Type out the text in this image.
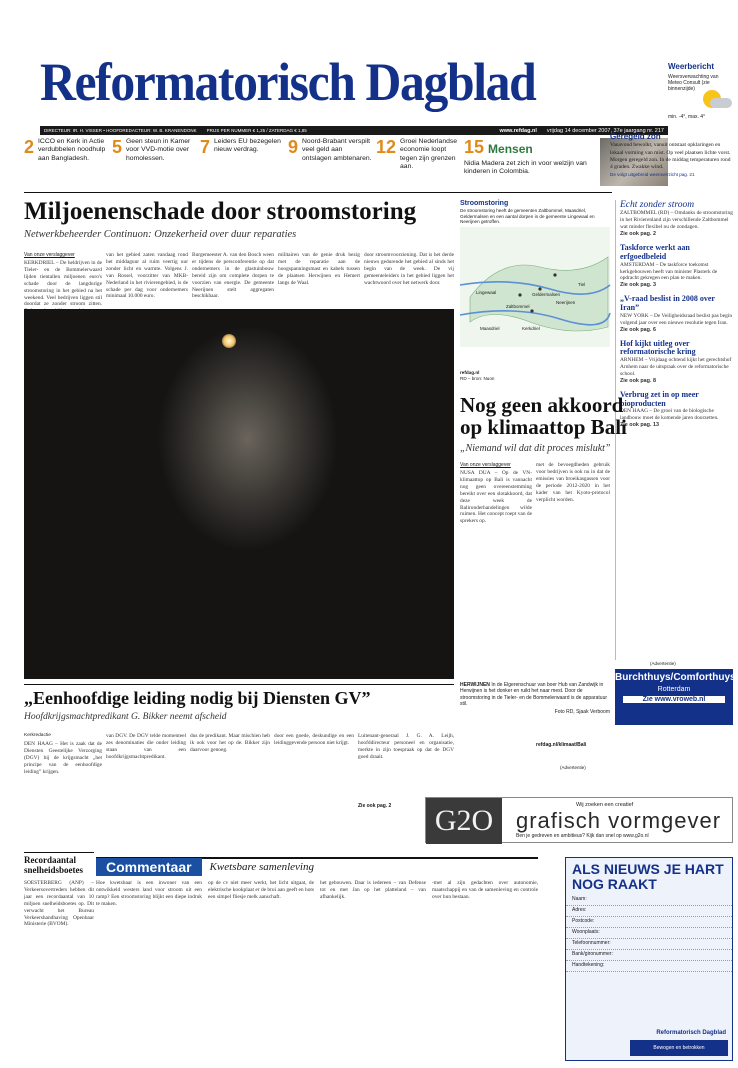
Reformatorisch Dagblad	Weerbericht
Weersverwachting van Meteo Consult (zie binnenzijde)
min. -4°, max. 4°
DIRECTEUR: IR. H. VISSER • HOOFDREDACTEUR: W. B. KRANENDONK PRIJS PER NUMMER € 1,25 / ZATERDAG € 1,85	www.refdag.nl vrijdag 14 december 2007, 37e jaargang nr. 217
2 ICCO en Kerk in Actie verdubbelen noodhulp aan Bangladesh.
5 Geen steun in Kamer voor VVD-motie over homolessen.
7 Leiders EU bezegelen nieuw verdrag.	9 Noord-Brabant verspilt veel geld aan ontslagen ambtenaren.
12 Groei Nederlandse economie loopt tegen zijn grenzen aan.
15 Mensen
Nidia Madera zet zich in voor welzijn van kinderen in Colombia.
Geregeld zon
Vanavond bewolkt, vanuit ontstaat opklaringen en lokaal vorming van mist. Op veel plaatsen lichte vorst. Morgen geregeld zon. In de middag temperaturen rond 4 graden. Zwakke wind.
De volgt uitgebreid weeroverzicht pag. 21
Miljoenenschade door stroomstoring
Netwerkbeheerder Continuon: Onzekerheid over duur reparaties
Van onze verslaggever
KERKDRIEL – De heldrijven in de Tieler- en de Bommelerwaard lijden tientallen miljoenen euro's schade door de langdurige stroomstoring in het gebied na het weekend. Veel bedrijven liggen stil doordat ze zonder stroom zitten.
van het gebied zaten vandaag rond het middaguur al ruim veertig uur zonder licht en warmte. Volgens J. van Rossel, voorzitter van MKB-Nederland in het rivierengebied, is de schade per dag voor ondernemers minimaal 10.000 euro.
Burgemeester A. van den Bosch ween er tijdens de persconferentie op dat ondernemers in de glastuinbouw bereid zijn om complete dorpen te voorzien van energie. De gemeente Neerijnen stelt aggregaten beschikbaar.
militairen van de genie druk bezig met de reparatie aan de hoogspanningsmast en kabels tussen de plaatsen Herwijnen en Hemert langs de Waal.
door stroomvoorziening. Dat is het derde nieuws gedurende het gebied al sinds het begin van de week. De vij gemeenteleiders in het gebied liggen het wachtwoord over het netwerk door.
Stroomstoring
De stroomstoring heeft de gemeenten Zaltbommel, Maasdriel, Geldermalsen en een aantal dorpen in de gemeente Lingewaal en Neerijnen getroffen.
Tiel
Zaltbommel
Geldermalsen
Kerkdriel
Neerijnen
Maasdriel
Lingewaal
refdag.nl
RD – bron: Nuon
Echt zonder stroom
ZALTBOMMEL (RD) – Omdanks de stroomstoring in het Rivierenland zijn verschillende Zaltbommel wat minder flexibel nu de zondagen.
Zie ook pag. 2
Taskforce werkt aan erfgoedbeleid
AMSTERDAM – De taskforce toekomst kerkgebouwen heeft van minister Plasterk de opdracht gekregen een plan te maken.
Zie ook pag. 3
„V-raad beslist in 2008 over Iran”
NEW YORK – De Veiligheidsraad beslist pas begin volgend jaar over een nieuwe resolutie tegen Iran.
Zie ook pag. 6
Hof kijkt uitleg over reformatorische kring
ARNHEM – Vrijdaag ochtend kijkt het gerechtshof Arnhem naar de uitspraak over de reformatorische school.
Zie ook pag. 8
Verbrug zet in op meer bioproducten
DEN HAAG – De groei van de biologische landbouw moet de komende jaren doorzetten.
Zie ook pag. 13
(Advertentie)
Burchthuys/Comforthuys
Rotterdam
Zie www.vroweb.nl
HERWIJNEN In de Elgerenschuur van boer Hub van Zandwijk in Herwijnen is het donker en ruikt het naar mest. Door de stroomstoring in de Tieler- en de Bommelerwaard is de apparatuur stil.
Foto RD, Sjaak Verboom
Nog geen akkoord
op klimaattop Bali
„Niemand wil dat dit proces mislukt”
Van onze verslaggever
NUSA DUA – Op de VN-klimaattop op Bali is vannacht nog geen overeenstemming bereikt over een slotakkoord, dat deze week de Balironderhandelingen wilde ruimen. Het concept roept van de sprekers op.
met de bevoegdheden gebruik voor bedrijven is ook nu in dat de emissies van broeikasgassen voor de periode 2012-2020 in het kader van het Kyoto-protocol verplicht worden.
refdag.nl/klimaat/Bali
„Eenhoofdige leiding nodig bij Diensten GV”
Hoofdkrijgsmachtpredikant G. Bikker neemt afscheid
Kerkredactie
DEN HAAG – Het is zaak dat de Diensten Geestelijke Verzorging (DGV) bij de krijgsmacht „het principe van de eenhoofdige leiding” krijgen.
van DGV. De DGV telde momenteel zes denominaties die onder leiding staan van een hoofdkrijgsmachtpredikant.
dus de predikant. Maar mischien heb ik ook voor het op de. Bikker zijn daarvoor genoeg.
door een goede, deskundige en een leidinggevende persoon niet krijgt.
Luitenant-generaal J. G. A. Leijh, hoofddirecteur personeel en organisatie, merkte in zijn toespraak op dat de DGV goed draait.
Zie ook pag. 2
(Advertentie)
G2O	Wij zoeken een creatief
grafisch vormgever
Ben je gedreven en ambitieus? Kijk dan snel op www.g2o.nl
Recordaantal snelheidsboetes
SOESTERBERG (ANP) – Verkeersovertreders hebben dit jaar een recordaantal van 10 miljoen snelheidsboetes op. Dit verwacht het Bureau Verkeershandhaving Openbaar Ministerie (BVOM).
Commentaar	Kwetsbare samenleving
Hoe kwetsbaar is een inwoner van een ontwikkeld westers land voor stroom uit een ramp? Een stroomstoring blijkt een diepe indruk te maken.
op de cv niet meer werkt, het licht uitgaat, de elektrische kookplaat er de brui aan geeft en hots een simpel fliesje melk aanschaft.
het gebouwen. Daar is iedereen – van Defense tot en met Jan op het platteland – van afhankelijk.
-met al zijn gedachten over autonomie, maatschappij en van de samenleving en controle over hun bestaan.
ALS NIEUWS JE HART NOG RAAKT
Naam:
Adres:
Postcode:
Woonplaats:
Telefoonnummer:
Bank/gironummer:
Handtekening:
Reformatorisch Dagblad
Bewogen en betrokken
